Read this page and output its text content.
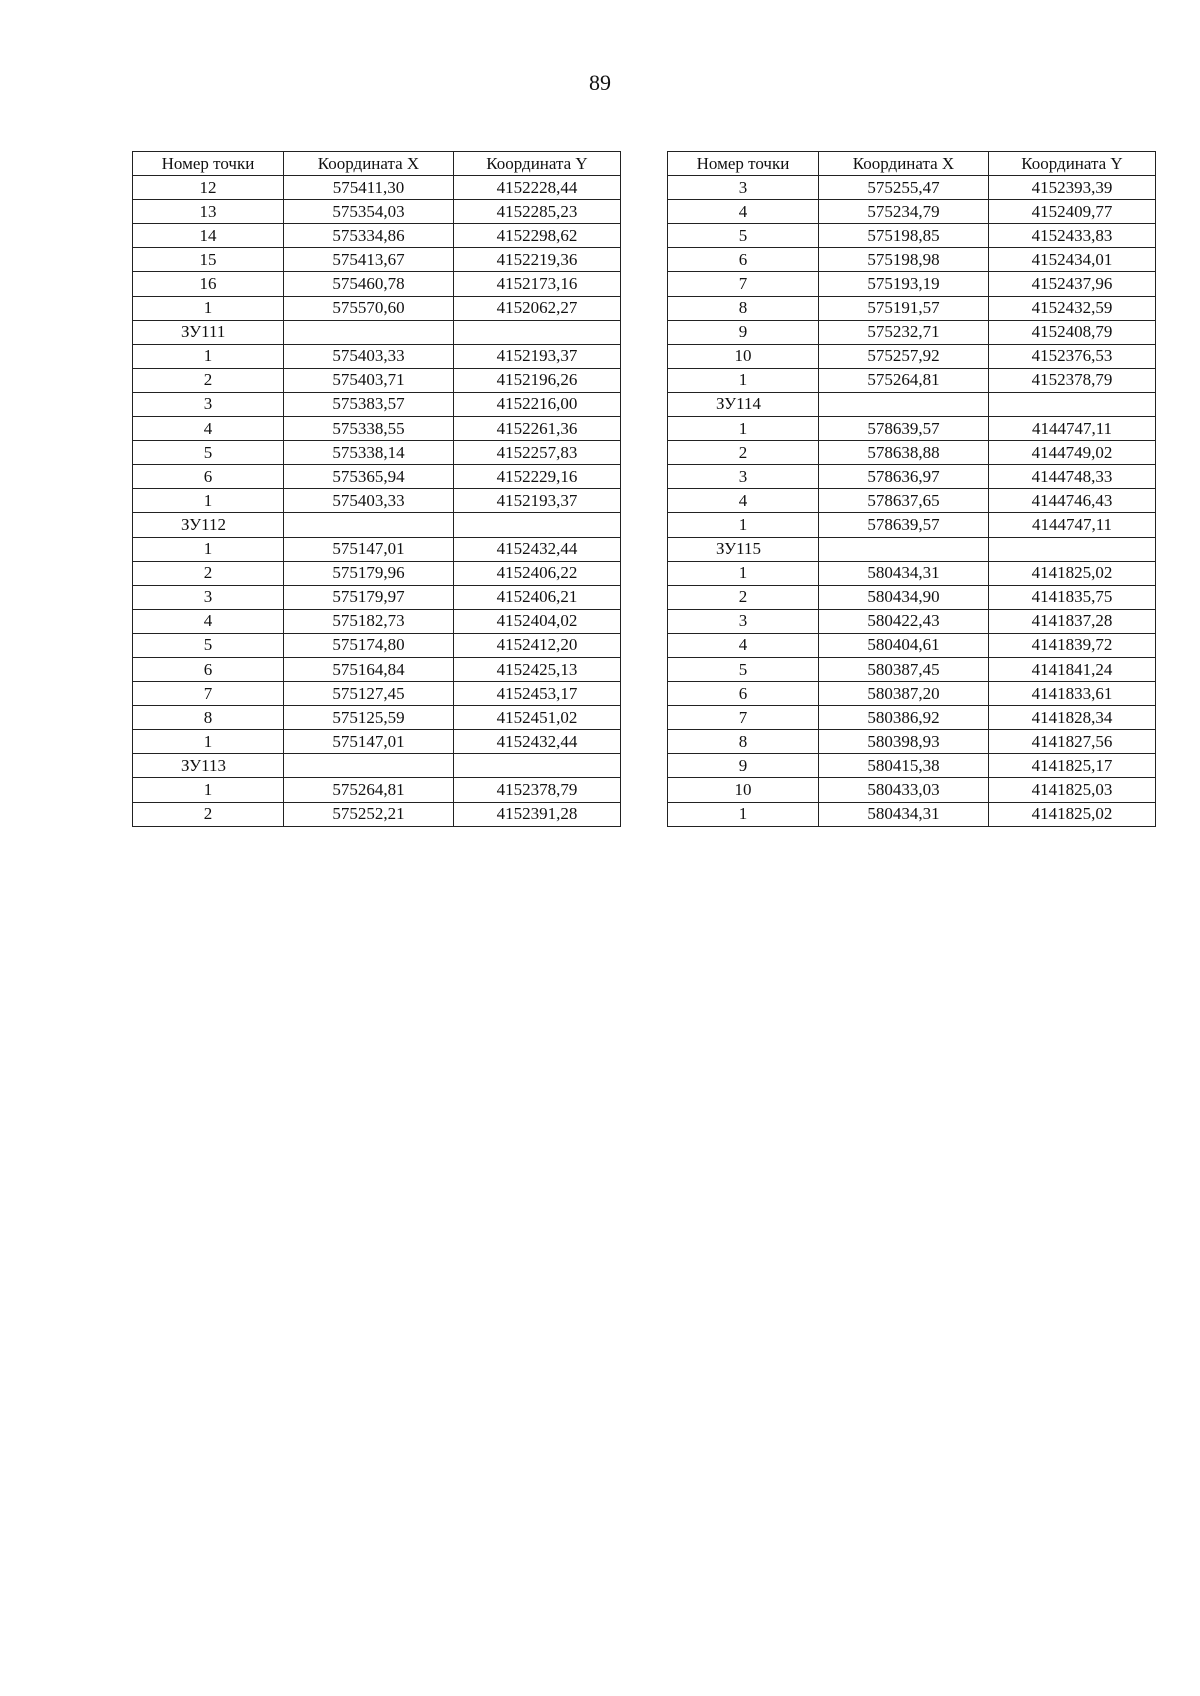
89
Номер точки	Координата X	Координата Y
12	575411,30	4152228,44
13	575354,03	4152285,23
14	575334,86	4152298,62
15	575413,67	4152219,36
16	575460,78	4152173,16
1	575570,60	4152062,27
ЗУ111		
1	575403,33	4152193,37
2	575403,71	4152196,26
3	575383,57	4152216,00
4	575338,55	4152261,36
5	575338,14	4152257,83
6	575365,94	4152229,16
1	575403,33	4152193,37
ЗУ112		
1	575147,01	4152432,44
2	575179,96	4152406,22
3	575179,97	4152406,21
4	575182,73	4152404,02
5	575174,80	4152412,20
6	575164,84	4152425,13
7	575127,45	4152453,17
8	575125,59	4152451,02
1	575147,01	4152432,44
ЗУ113		
1	575264,81	4152378,79
2	575252,21	4152391,28
Номер точки	Координата X	Координата Y
3	575255,47	4152393,39
4	575234,79	4152409,77
5	575198,85	4152433,83
6	575198,98	4152434,01
7	575193,19	4152437,96
8	575191,57	4152432,59
9	575232,71	4152408,79
10	575257,92	4152376,53
1	575264,81	4152378,79
ЗУ114		
1	578639,57	4144747,11
2	578638,88	4144749,02
3	578636,97	4144748,33
4	578637,65	4144746,43
1	578639,57	4144747,11
ЗУ115		
1	580434,31	4141825,02
2	580434,90	4141835,75
3	580422,43	4141837,28
4	580404,61	4141839,72
5	580387,45	4141841,24
6	580387,20	4141833,61
7	580386,92	4141828,34
8	580398,93	4141827,56
9	580415,38	4141825,17
10	580433,03	4141825,03
1	580434,31	4141825,02
